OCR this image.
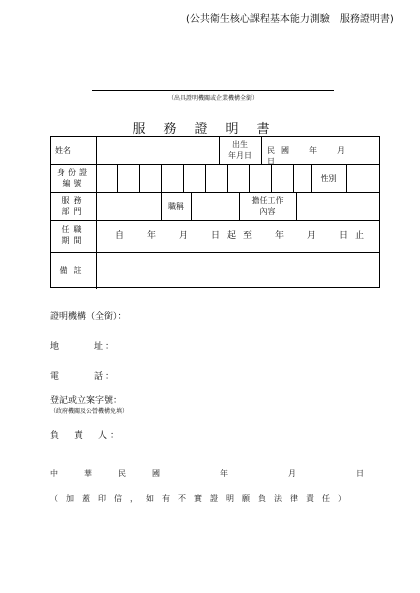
(公共衛生核心課程基本能力測驗　服務證明書)
（出具證明機關或企業機構全銜）
服務證明書
姓名
出生
年月日
民國　年　月　日
身份證
編號
性別
服務
部門
職稱
擔任工作
內容
任職
期間	自　年　月　日起至　年　月　日止
備註
證明機構（全銜）：
地　　　址：
電　　　話：
登記或立案字號：
（政府機關及公營機構免填）
負　責　人：
中華民國　年　月　日
（加蓋印信，如有不實證明願負法律責任）
